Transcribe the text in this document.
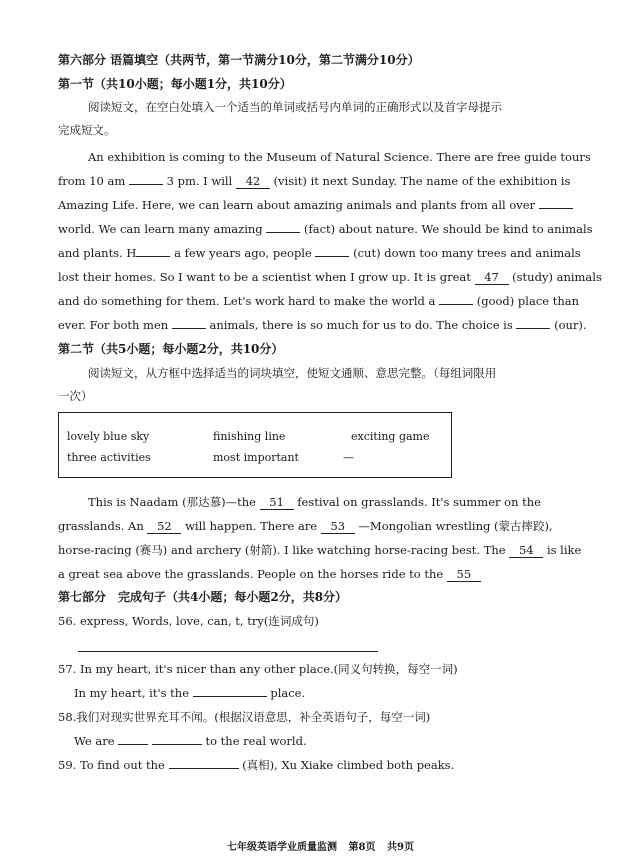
第六部分 语篇填空（共两节，第一节满分10分，第二节满分10分）
第一节（共10小题；每小题1分，共10分）
阅读短文，在空白处填入一个适当的单词或括号内单词的正确形式以及首字母提示
完成短文。
An exhibition is coming to the Museum of Natural Science. There are free guide tours
from 10 am	3 pm. I will 42 (visit) it next Sunday. The name of the exhibition is
Amazing Life. Here, we can learn about amazing animals and plants from all over
world. We can learn many amazing	(fact) about nature. We should be kind to animals
and plants. H	a few years ago, people	(cut) down too many trees and animals
lost their homes. So I want to be a scientist when I grow up. It is great 47 (study) animals
and do something for them. Let's work hard to make the world a	(good) place than
ever. For both men	animals, there is so much for us to do. The choice is	(our).
第二节（共5小题；每小题2分，共10分）
阅读短文，从方框中选择适当的词块填空，使短文通顺、意思完整。（每组词限用
一次）
lovely blue sky	finishing line	exciting game
three activities	most important	—
This is Naadam (那达慕)—the 51 festival on grasslands. It's summer on the
grasslands. An 52 will happen. There are 53 —Mongolian wrestling (蒙古摔跤),
horse-racing (赛马) and archery (射箭). I like watching horse-racing best. The 54 is like
a great sea above the grasslands. People on the horses ride to the 55
第七部分　完成句子（共4小题；每小题2分，共8分）
56. express, Words, love, can, t, try(连词成句)
57. In my heart, it's nicer than any other place.(同义句转换，每空一词)
In my heart, it's the	place.
58.我们对现实世界充耳不闻。(根据汉语意思，补全英语句子，每空一词)
We are	to the real world.
59. To find out the	(真相), Xu Xiake climbed both peaks.
七年级英语学业质量监测 第8页 共9页
